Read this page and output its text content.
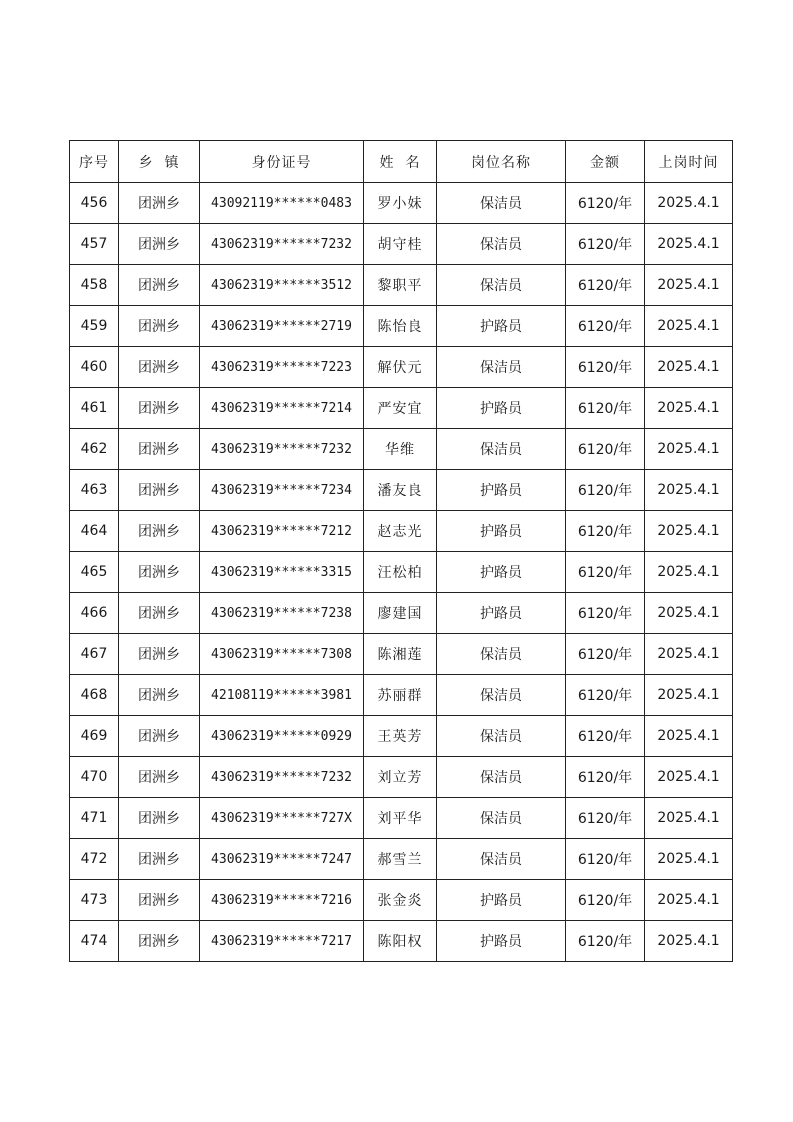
序号	乡  镇	身份证号	姓  名	岗位名称	金额	上岗时间
456	团洲乡	43092119******0483	罗小妹	保洁员	6120/年	2025.4.1
457	团洲乡	43062319******7232	胡守桂	保洁员	6120/年	2025.4.1
458	团洲乡	43062319******3512	黎职平	保洁员	6120/年	2025.4.1
459	团洲乡	43062319******2719	陈怡良	护路员	6120/年	2025.4.1
460	团洲乡	43062319******7223	解伏元	保洁员	6120/年	2025.4.1
461	团洲乡	43062319******7214	严安宜	护路员	6120/年	2025.4.1
462	团洲乡	43062319******7232	华维	保洁员	6120/年	2025.4.1
463	团洲乡	43062319******7234	潘友良	护路员	6120/年	2025.4.1
464	团洲乡	43062319******7212	赵志光	护路员	6120/年	2025.4.1
465	团洲乡	43062319******3315	汪松柏	护路员	6120/年	2025.4.1
466	团洲乡	43062319******7238	廖建国	护路员	6120/年	2025.4.1
467	团洲乡	43062319******7308	陈湘莲	保洁员	6120/年	2025.4.1
468	团洲乡	42108119******3981	苏丽群	保洁员	6120/年	2025.4.1
469	团洲乡	43062319******0929	王英芳	保洁员	6120/年	2025.4.1
470	团洲乡	43062319******7232	刘立芳	保洁员	6120/年	2025.4.1
471	团洲乡	43062319******727X	刘平华	保洁员	6120/年	2025.4.1
472	团洲乡	43062319******7247	郝雪兰	保洁员	6120/年	2025.4.1
473	团洲乡	43062319******7216	张金炎	护路员	6120/年	2025.4.1
474	团洲乡	43062319******7217	陈阳权	护路员	6120/年	2025.4.1
